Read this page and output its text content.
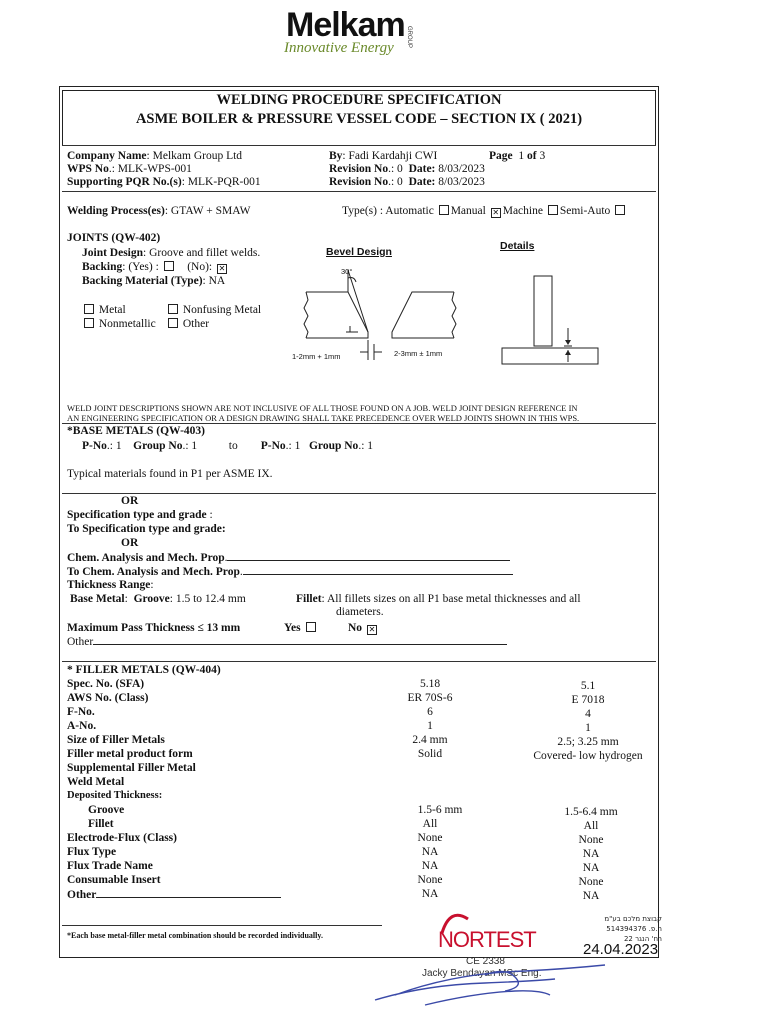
Melkam
Innovative Energy GROUP
WELDING PROCEDURE SPECIFICATION
ASME BOILER & PRESSURE VESSEL CODE – SECTION IX ( 2021)
Company Name: Melkam Group Ltd
WPS No.: MLK-WPS-001
Supporting PQR No.(s): MLK-PQR-001
By: Fadi Kardahji CWI	Page 1 of 3
Revision No.: 0 Date: 8/03/2023
Revision No.: 0 Date: 8/03/2023
Welding Process(es): GTAW + SMAW	Type(s) : Automatic Manual ✕ Machine Semi-Auto
JOINTS (QW-402)
Joint Design: Groove and fillet welds.
Backing: (Yes) : (No): ✕
Backing Material (Type): NA
Metal	Nonfusing Metal
Nonmetallic	Other
Bevel Design	Details
30°
1-2mm + 1mm	2-3mm ± 1mm
WELD JOINT DESCRIPTIONS SHOWN ARE NOT INCLUSIVE OF ALL THOSE FOUND ON A JOB. WELD JOINT DESIGN REFERENCE IN
AN ENGINEERING SPECIFICATION OR A DESIGN DRAWING SHALL TAKE PRECEDENCE OVER WELD JOINTS SHOWN IN THIS WPS.
*BASE METALS (QW-403)
P-No.: 1 Group No.: 1	to P-No.: 1 Group No.: 1
Typical materials found in P1 per ASME IX.
OR
Specification type and grade :
To Specification type and grade:
OR
Chem. Analysis and Mech. Prop.
To Chem. Analysis and Mech. Prop.
Thickness Range:
Base Metal:  Groove: 1.5 to 12.4 mm	Fillet: All fillets sizes on all P1 base metal thicknesses and all
diameters.
Maximum Pass Thickness ≤ 13 mm	Yes	No ✕
Other
* FILLER METALS (QW-404)
Spec. No. (SFA)	5.18	5.1
AWS No. (Class)	ER 70S-6	E 7018
F-No.	6	4
A-No.	1	1
Size of Filler Metals	2.4 mm	2.5; 3.25 mm
Filler metal product form	Solid	Covered- low hydrogen
Supplemental Filler Metal
Weld Metal
Deposited Thickness:
Groove	1.5-6 mm	1.5-6.4 mm
Fillet	All	All
Electrode-Flux (Class)	None	None
Flux Type	NA	NA
Flux Trade Name	NA	NA
Consumable Insert	None	None
Other	NA	NA
*Each base metal-filler metal combination should be recorded individually.	NORTEST
CE 2338
Jacky Bendayan MSc Eng.
קבוצת מלכם בע"מ
ח.פ. 514394376
רח' הנגר 22
24.04.2023
